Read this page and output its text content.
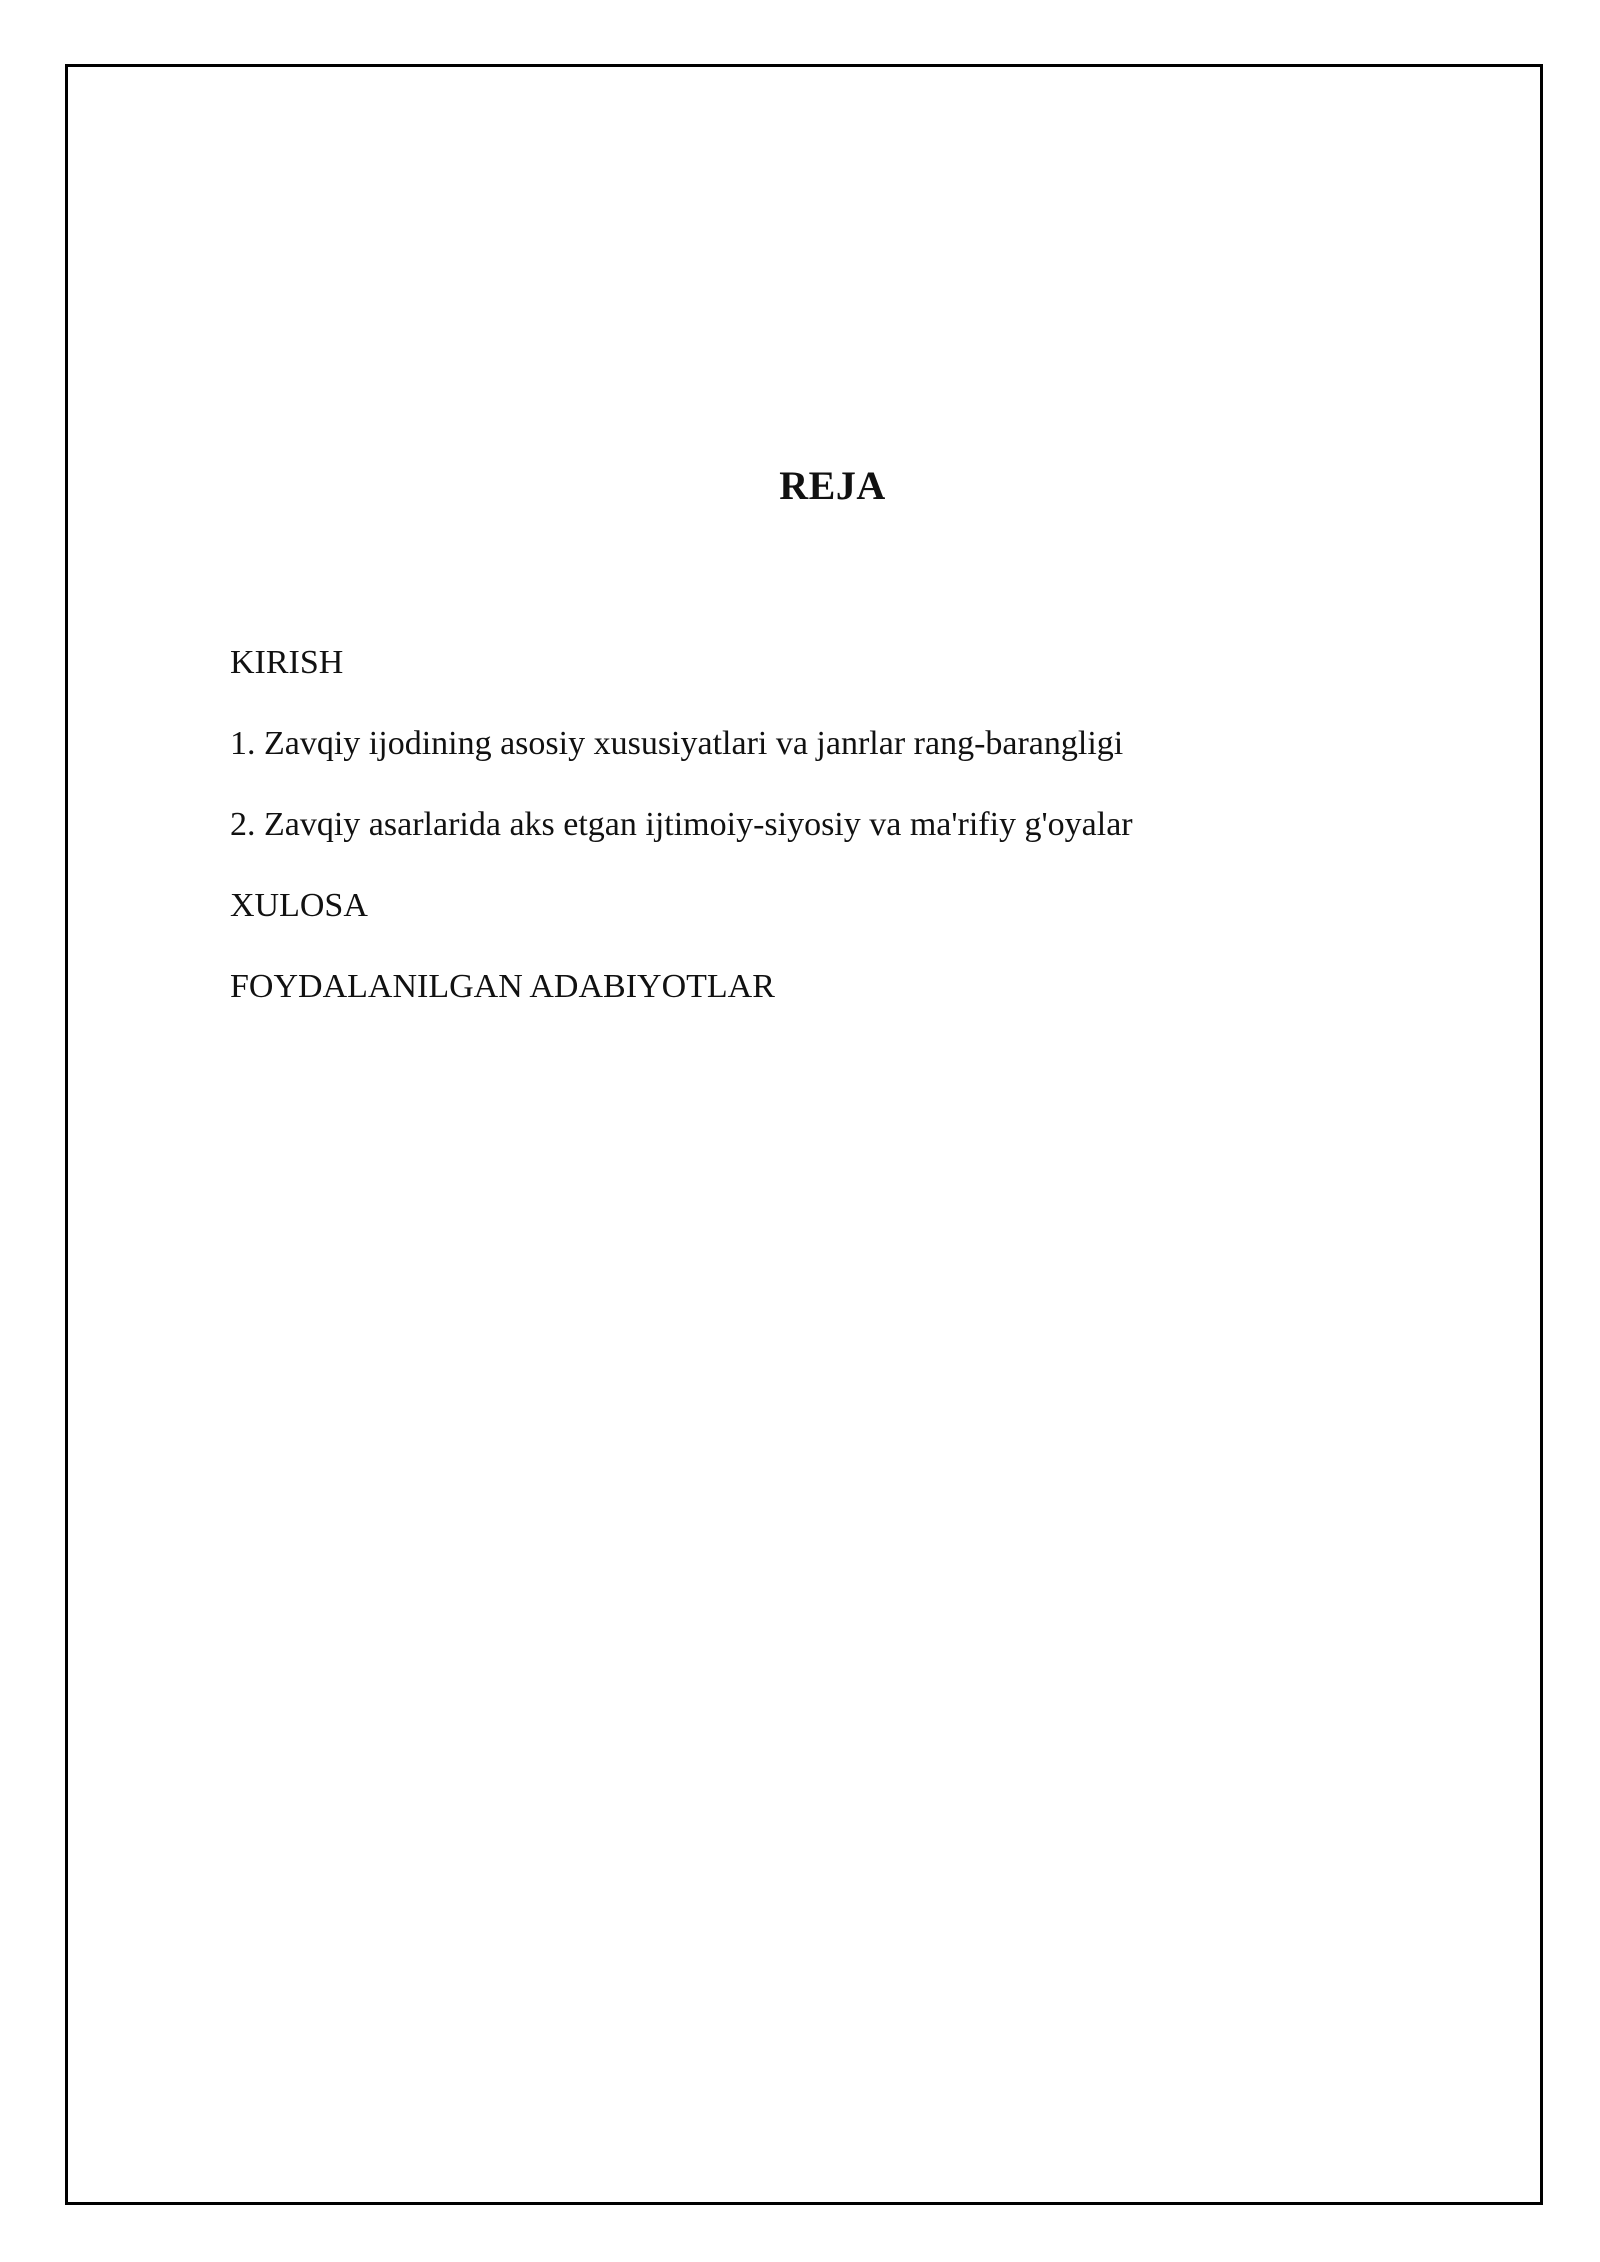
REJA
KIRISH
1. Zavqiy ijodining asosiy xususiyatlari va janrlar rang-barangligi
2. Zavqiy asarlarida aks etgan ijtimoiy-siyosiy va ma'rifiy g'oyalar
XULOSA
FOYDALANILGAN ADABIYOTLAR
